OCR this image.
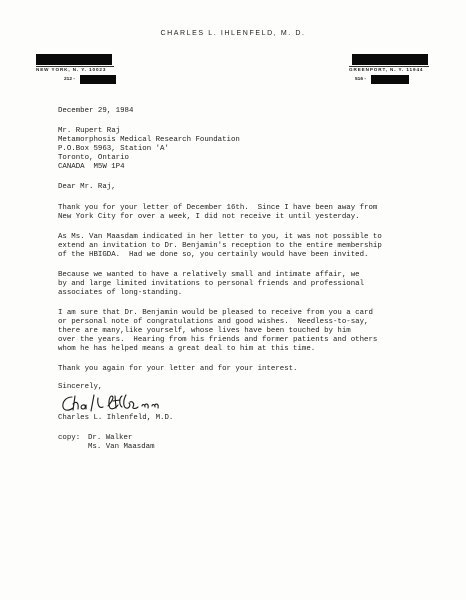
CHARLES L. IHLENFELD, M. D.
NEW YORK, N. Y. 10023	GREENPORT, N. Y. 11944
212 -	516 -
December 29, 1984
Mr. Rupert Raj
Metamorphosis Medical Research Foundation
P.O.Box 5963, Station 'A'
Toronto, Ontario
CANADA  M5W 1P4
Dear Mr. Raj,
Thank you for your letter of December 16th.  Since I have been away from
New York City for over a week, I did not receive it until yesterday.
As Ms. Van Maasdam indicated in her letter to you, it was not possible to
extend an invitation to Dr. Benjamin's reception to the entire membership
of the HBIGDA.  Had we done so, you certainly would have been invited.
Because we wanted to have a relatively small and intimate affair, we
by and large limited invitations to personal friends and professional
associates of long-standing.
I am sure that Dr. Benjamin would be pleased to receive from you a card
or personal note of congratulations and good wishes.  Needless-to-say,
there are many,like yourself, whose lives have been touched by him
over the years.  Hearing from his friends and former patients and others
whom he has helped means a great deal to him at this time.
Thank you again for your letter and for your interest.
Sincerely,
Charles L. Ihlenfeld, M.D.
copy: Dr. Walker
Ms. Van Maasdam
